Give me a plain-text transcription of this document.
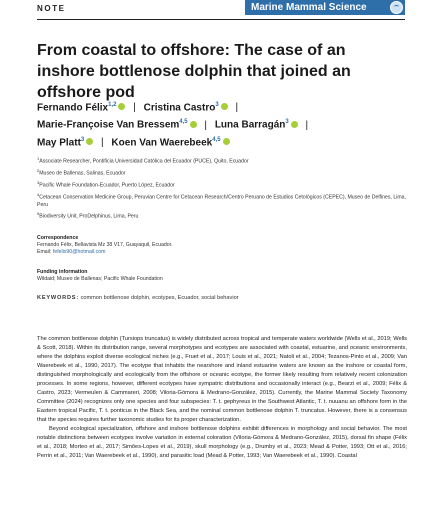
NOTE	Marine Mammal Science
From coastal to offshore: The case of an inshore bottlenose dolphin that joined an offshore pod
Fernando Félix$^{1,2}$ | Cristina Castro$^3$ |
Marie-Françoise Van Bressem$^{4,5}$ | Luna Barragán$^3$ |
May Platt$^3$ | Koen Van Waerebeek$^{4,5}$
$^1$Associate Researcher, Pontificia Universidad Católica del Ecuador (PUCE), Quito, Ecuador
$^2$Museo de Ballenas, Salinas, Ecuador
$^3$Pacific Whale Foundation-Ecuador, Puerto López, Ecuador
$^4$Cetacean Conservation Medicine Group, Peruvian Centre for Cetacean Research/Centro Peruano de Estudios Cetológicos (CEPEC), Museo de Delfines, Lima, Peru
$^5$Biodiversity Unit, ProDelphinus, Lima, Peru
Correspondence
Fernando Félix, Bellavista Mz 38 V17, Guayaquil, Ecuador.
Email: fefelix90@hotmail.com
Funding information
Wildaid; Museo de Ballenas; Pacific Whale Foundation
KEYWORDS: common bottlenose dolphin, ecotypes, Ecuador, social behavior

The common bottlenose dolphin (Tursiops truncatus) is widely distributed across tropical and temperate waters worldwide (Wells et al., 2019; Wells & Scott, 2018). Within its distribution range, several morphotypes and ecotypes are associated with coastal, estuarine, and oceanic environments, where the dolphins exploit diverse ecological niches (e.g., Fruet et al., 2017; Louis et al., 2021; Natoli et al., 2004; Tezanos-Pinto et al., 2009; Van Waerebeek et al., 1990, 2017). The ecotype that inhabits the nearshore and inland estuarine waters are known as the inshore or coastal form, distinguished morphologically and ecologically from the offshore or oceanic ecotype, the former likely resulting from relatively recent colonization processes. In some regions, however, different ecotypes have sympatric distributions and occasionally interact (e.g., Bearzi et al., 2009; Félix & Castro, 2023; Vermeulen & Cammareri, 2008; Viloria-Gómora & Medrano-González, 2015). Currently, the Marine Mammal Society Taxonomy Committee (2024) recognizes only one species and four subspecies: T. t. gephyreus in the Southwest Atlantic, T. t. nuuanu an offshore form in the Eastern tropical Pacific, T. t. ponticus in the Black Sea, and the nominal common bottlenose dolphin T. truncatus. However, there is a consensus that the species requires further taxonomic studies for its proper characterization.

Beyond ecological specialization, offshore and inshore bottlenose dolphins exhibit differences in morphology and social behavior. The most notable distinctions between ecotypes involve variation in external coloration (Viloria-Gómora & Medrano-González, 2015), dorsal fin shape (Félix et al., 2018; Morteo et al., 2017; Simões-Lopes et al., 2019), skull morphology (e.g., Drumby et al., 2023; Mead & Potter, 1993; Ott et al., 2016; Perrin et al., 2011; Van Waerebeek et al., 1990), and parasitic load (Mead & Potter, 1993; Van Waerebeek et al., 1990). Coastal
